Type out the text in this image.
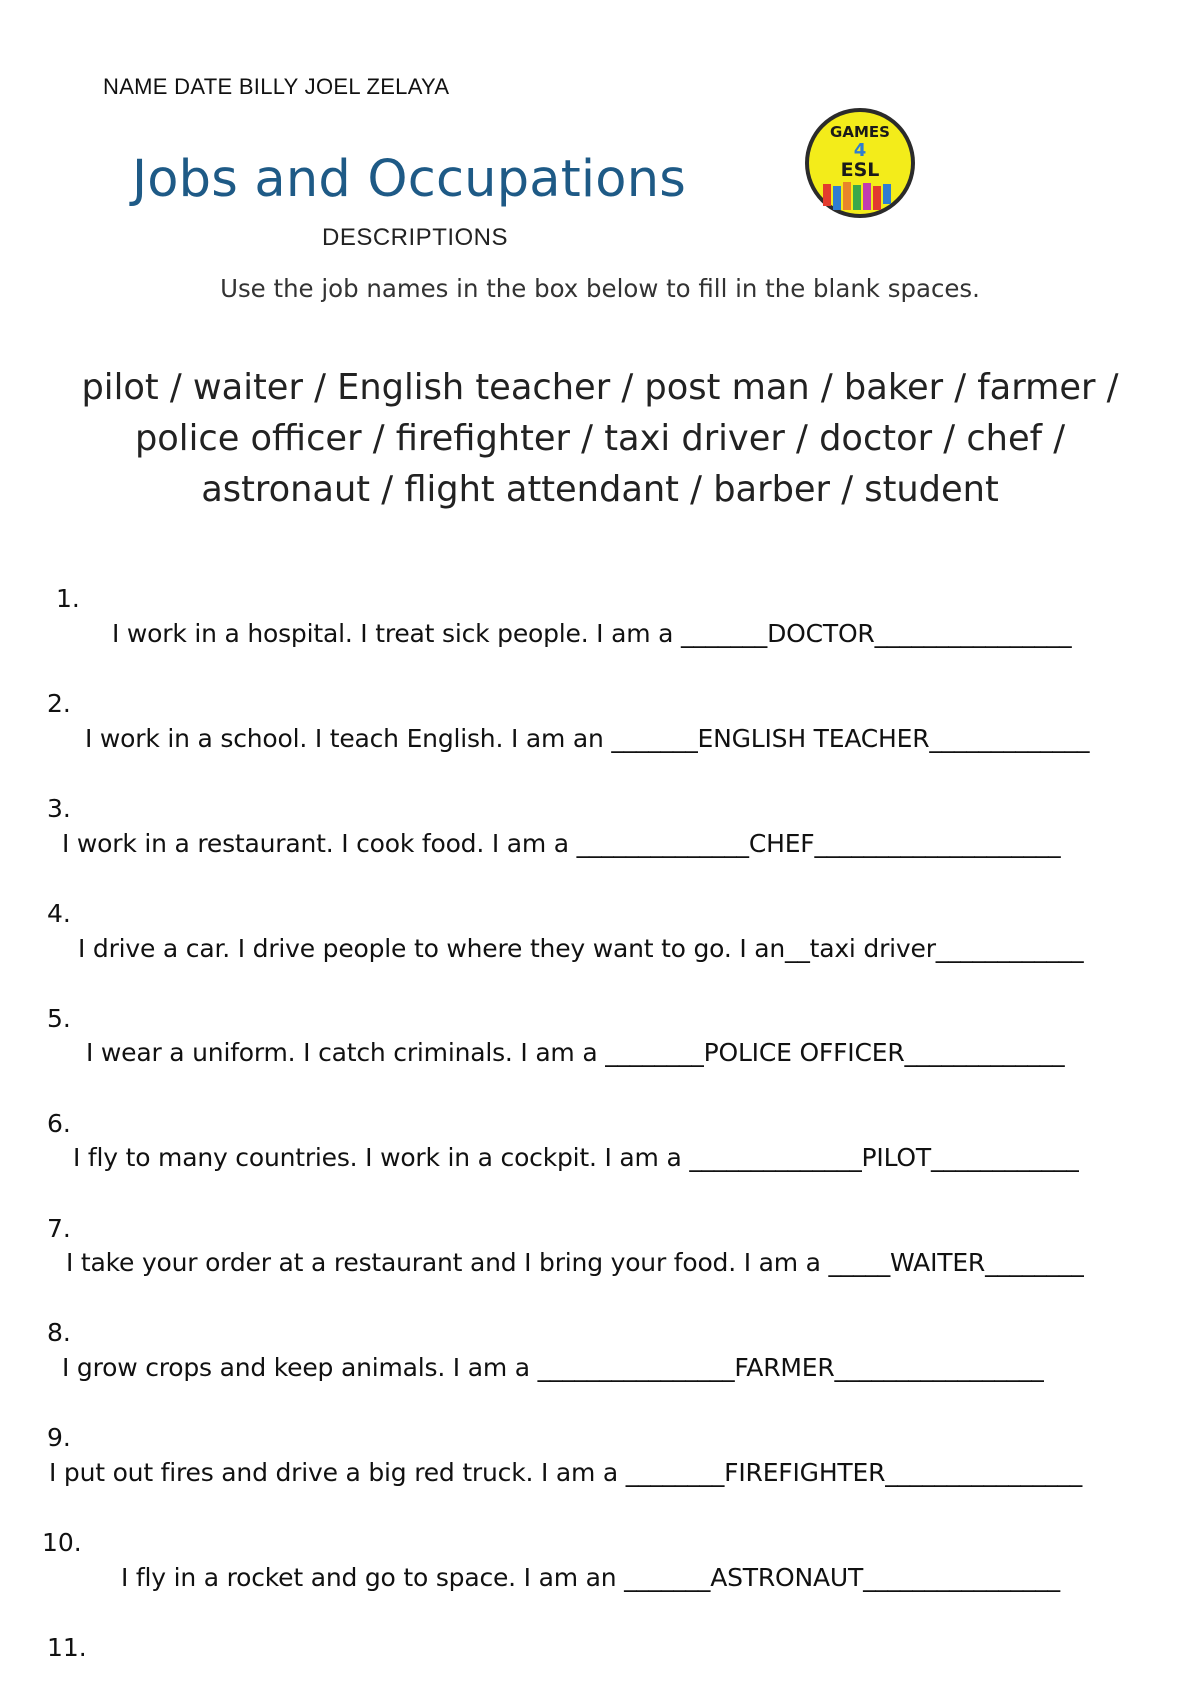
NAME DATE BILLY JOEL ZELAYA
Jobs and Occupations
GAMES
4
ESL
DESCRIPTIONS
Use the job names in the box below to fill in the blank spaces.
pilot / waiter / English teacher / post man / baker / farmer /
police officer / firefighter / taxi driver / doctor / chef /
astronaut / flight attendant / barber / student
1.
I work in a hospital. I treat sick people. I am a _______DOCTOR________________
2.
I work in a school. I teach English. I am an _______ENGLISH TEACHER_____________
3.
I work in a restaurant. I cook food. I am a ______________CHEF____________________
4.
I drive a car. I drive people to where they want to go. I an__taxi driver____________
5.
I wear a uniform. I catch criminals. I am a ________POLICE OFFICER_____________
6.
I fly to many countries. I work in a cockpit. I am a ______________PILOT____________
7.
I take your order at a restaurant and I bring your food. I am a _____WAITER________
8.
I grow crops and keep animals. I am a ________________FARMER_________________
9.
I put out fires and drive a big red truck. I am a ________FIREFIGHTER________________
10.
I fly in a rocket and go to space. I am an _______ASTRONAUT________________
11.
